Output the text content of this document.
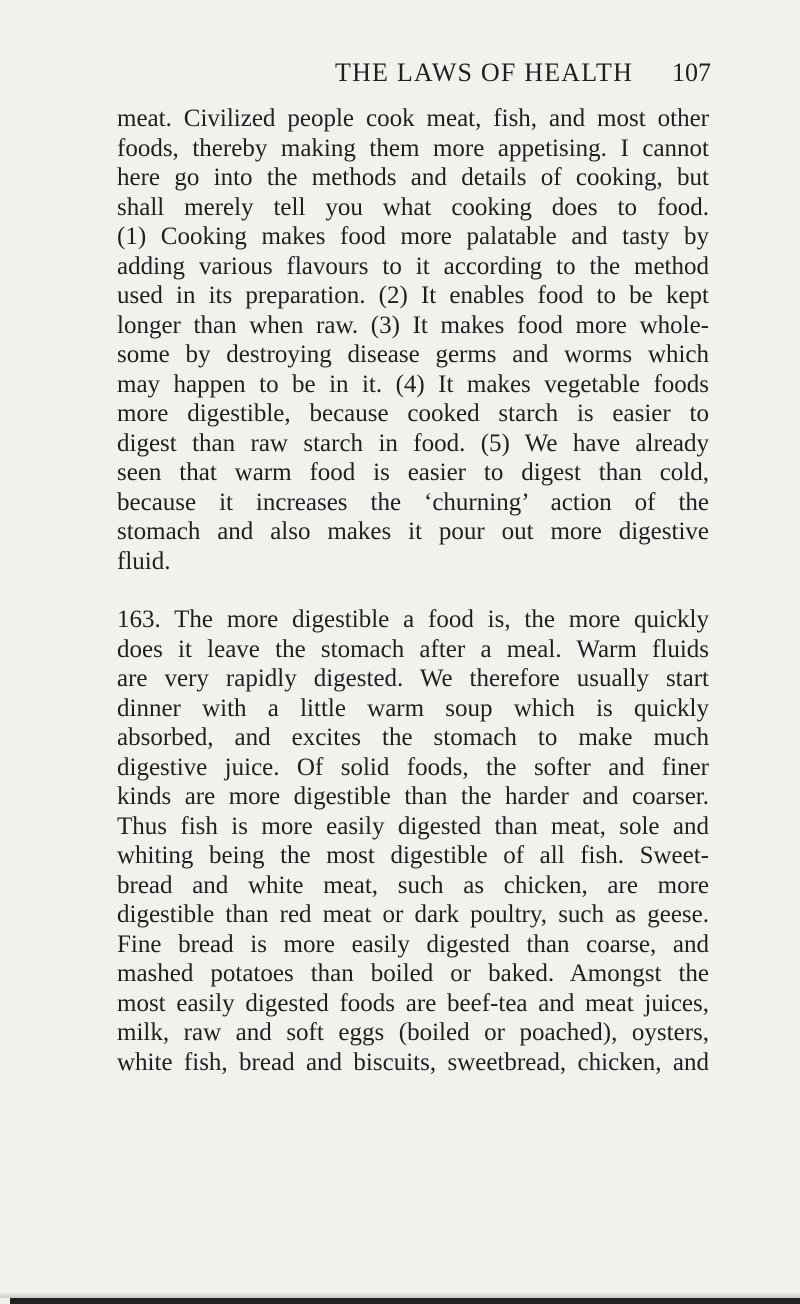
THE LAWS OF HEALTH 107
meat. Civilized people cook meat, fish, and most other
foods, thereby making them more appetising. I cannot
here go into the methods and details of cooking, but
shall merely tell you what cooking does to food.
(1) Cooking makes food more palatable and tasty by
adding various flavours to it according to the method
used in its preparation. (2) It enables food to be kept
longer than when raw. (3) It makes food more whole-
some by destroying disease germs and worms which
may happen to be in it. (4) It makes vegetable foods
more digestible, because cooked starch is easier to
digest than raw starch in food. (5) We have already
seen that warm food is easier to digest than cold,
because it increases the ‘churning’ action of the
stomach and also makes it pour out more digestive
fluid.
163. The more digestible a food is, the more quickly
does it leave the stomach after a meal. Warm fluids
are very rapidly digested. We therefore usually start
dinner with a little warm soup which is quickly
absorbed, and excites the stomach to make much
digestive juice. Of solid foods, the softer and finer
kinds are more digestible than the harder and coarser.
Thus fish is more easily digested than meat, sole and
whiting being the most digestible of all fish. Sweet-
bread and white meat, such as chicken, are more
digestible than red meat or dark poultry, such as geese.
Fine bread is more easily digested than coarse, and
mashed potatoes than boiled or baked. Amongst the
most easily digested foods are beef-tea and meat juices,
milk, raw and soft eggs (boiled or poached), oysters,
white fish, bread and biscuits, sweetbread, chicken, and
